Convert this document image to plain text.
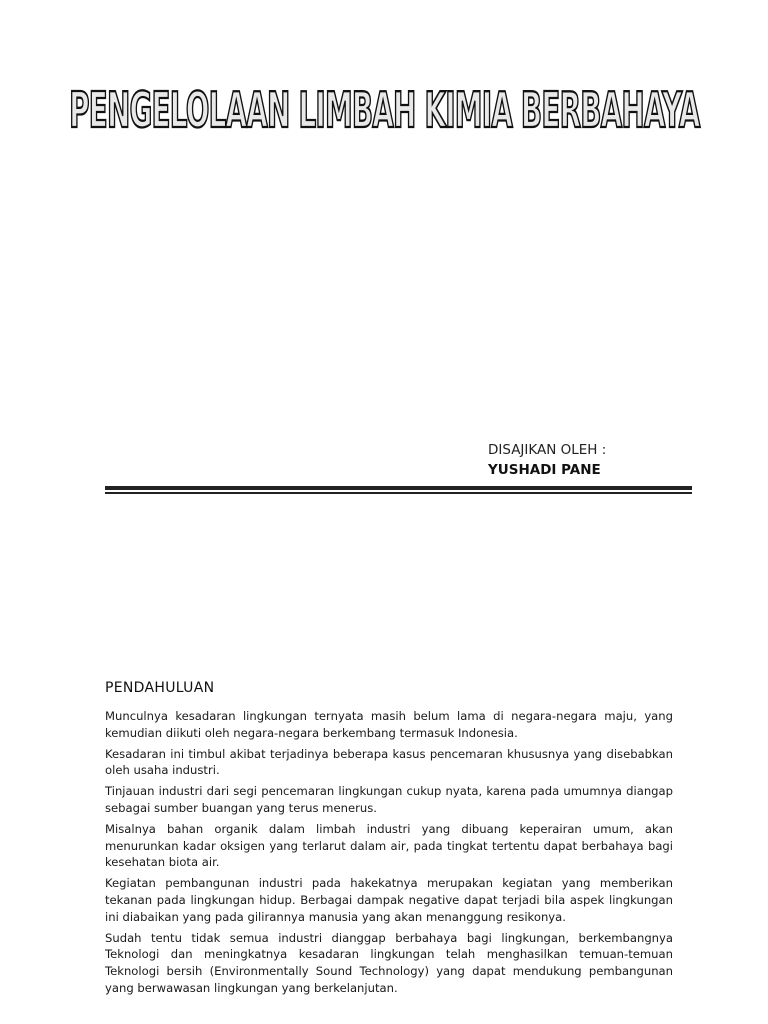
PENGELOLAAN LIMBAH KIMIA BERBAHAYA
DISAJIKAN OLEH :
YUSHADI PANE
PENDAHULUAN

Munculnya kesadaran lingkungan ternyata masih belum lama di negara-negara maju, yang kemudian diikuti oleh negara-negara berkembang termasuk Indonesia.

Kesadaran ini timbul akibat terjadinya beberapa kasus pencemaran khususnya yang disebabkan oleh usaha industri.

Tinjauan industri dari segi pencemaran lingkungan cukup nyata, karena pada umumnya diangap sebagai sumber buangan yang terus menerus.

Misalnya bahan organik dalam limbah industri yang dibuang keperairan umum, akan menurunkan kadar oksigen yang terlarut dalam air, pada tingkat tertentu dapat berbahaya bagi kesehatan biota air.

Kegiatan pembangunan industri pada hakekatnya merupakan kegiatan yang memberikan tekanan pada lingkungan hidup. Berbagai dampak negative dapat terjadi bila aspek lingkungan ini diabaikan yang pada gilirannya manusia yang akan menanggung resikonya.

Sudah tentu tidak semua industri dianggap berbahaya bagi lingkungan, berkembangnya Teknologi dan meningkatnya kesadaran lingkungan telah menghasilkan temuan-temuan Teknologi bersih (Environmentally Sound Technology) yang dapat mendukung pembangunan yang berwawasan lingkungan yang berkelanjutan.
